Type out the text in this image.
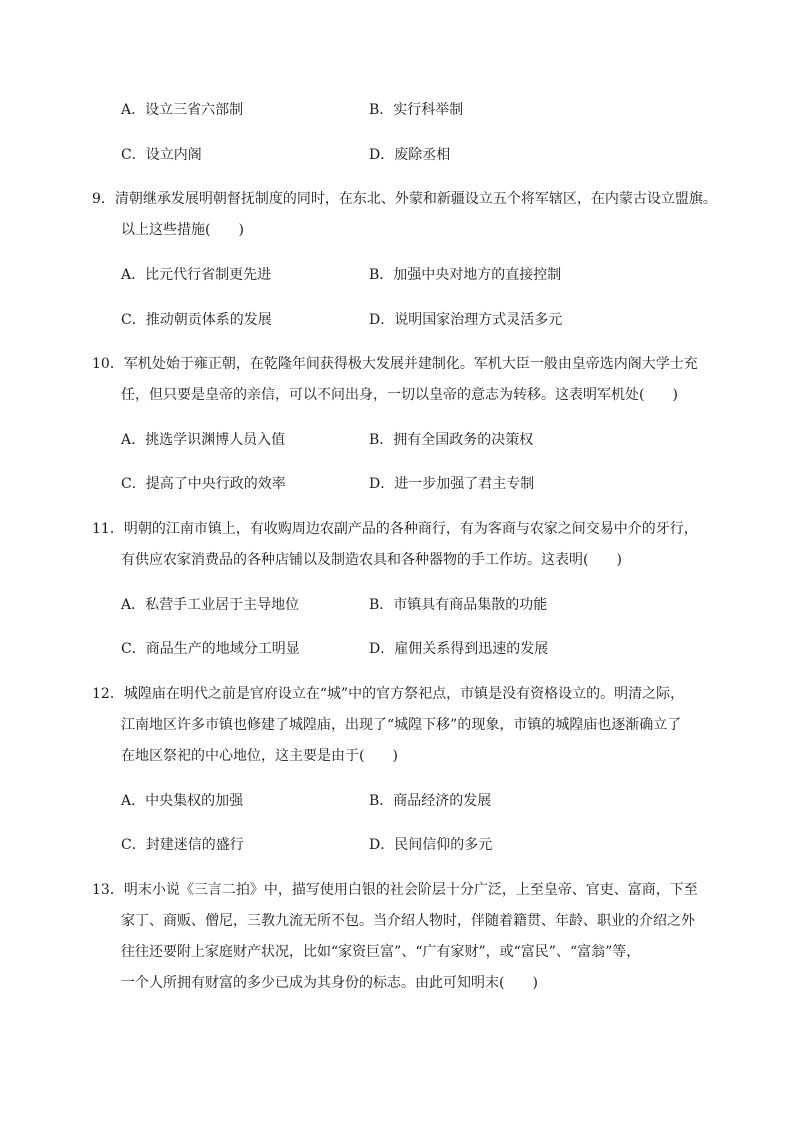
A．设立三省六部制	B．实行科举制
C．设立内阁	D．废除丞相
9．清朝继承发展明朝督抚制度的同时，在东北、外蒙和新疆设立五个将军辖区，在内蒙古设立盟旗。
以上这些措施(　　)
A．比元代行省制更先进	B．加强中央对地方的直接控制
C．推动朝贡体系的发展	D．说明国家治理方式灵活多元
10．军机处始于雍正朝，在乾隆年间获得极大发展并建制化。军机大臣一般由皇帝选内阁大学士充
任，但只要是皇帝的亲信，可以不问出身，一切以皇帝的意志为转移。这表明军机处(　　)
A．挑选学识渊博人员入值	B．拥有全国政务的决策权
C．提高了中央行政的效率	D．进一步加强了君主专制
11．明朝的江南市镇上，有收购周边农副产品的各种商行，有为客商与农家之间交易中介的牙行，
有供应农家消费品的各种店铺以及制造农具和各种器物的手工作坊。这表明(　　)
A．私营手工业居于主导地位	B．市镇具有商品集散的功能
C．商品生产的地域分工明显	D．雇佣关系得到迅速的发展
12．城隍庙在明代之前是官府设立在“城”中的官方祭祀点，市镇是没有资格设立的。明清之际，
江南地区许多市镇也修建了城隍庙，出现了“城隍下移”的现象，市镇的城隍庙也逐渐确立了
在地区祭祀的中心地位，这主要是由于(　　)
A．中央集权的加强	B．商品经济的发展
C．封建迷信的盛行	D．民间信仰的多元
13．明末小说《三言二拍》中，描写使用白银的社会阶层十分广泛，上至皇帝、官吏、富商，下至
家丁、商贩、僧尼，三教九流无所不包。当介绍人物时，伴随着籍贯、年龄、职业的介绍之外
往往还要附上家庭财产状况，比如“家资巨富”、“广有家财”，或“富民”、“富翁”等，
一个人所拥有财富的多少已成为其身份的标志。由此可知明末(　　)
